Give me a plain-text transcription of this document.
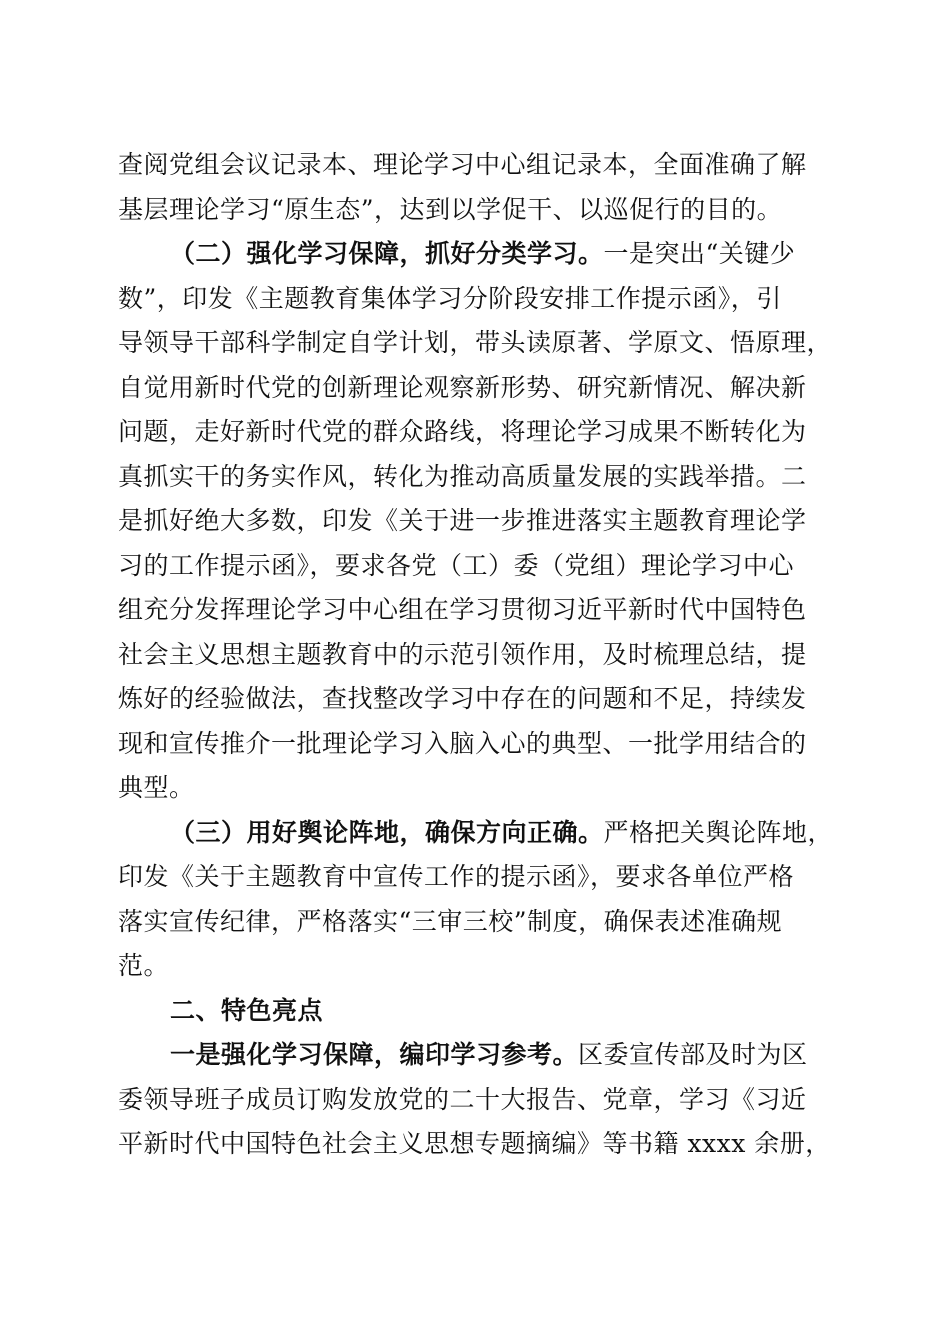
查阅党组会议记录本、理论学习中心组记录本，全面准确了解
基层理论学习“原生态”，达到以学促干、以巡促行的目的。
（二）强化学习保障，抓好分类学习。一是突出“关键少
数”，印发《主题教育集体学习分阶段安排工作提示函》，引
导领导干部科学制定自学计划，带头读原著、学原文、悟原理，
自觉用新时代党的创新理论观察新形势、研究新情况、解决新
问题，走好新时代党的群众路线，将理论学习成果不断转化为
真抓实干的务实作风，转化为推动高质量发展的实践举措。二
是抓好绝大多数，印发《关于进一步推进落实主题教育理论学
习的工作提示函》，要求各党（工）委（党组）理论学习中心
组充分发挥理论学习中心组在学习贯彻习近平新时代中国特色
社会主义思想主题教育中的示范引领作用，及时梳理总结，提
炼好的经验做法，查找整改学习中存在的问题和不足，持续发
现和宣传推介一批理论学习入脑入心的典型、一批学用结合的
典型。
（三）用好舆论阵地，确保方向正确。严格把关舆论阵地，
印发《关于主题教育中宣传工作的提示函》，要求各单位严格
落实宣传纪律，严格落实“三审三校”制度，确保表述准确规
范。
二、特色亮点
一是强化学习保障，编印学习参考。区委宣传部及时为区
委领导班子成员订购发放党的二十大报告、党章，学习《习近
平新时代中国特色社会主义思想专题摘编》等书籍 xxxx 余册，
